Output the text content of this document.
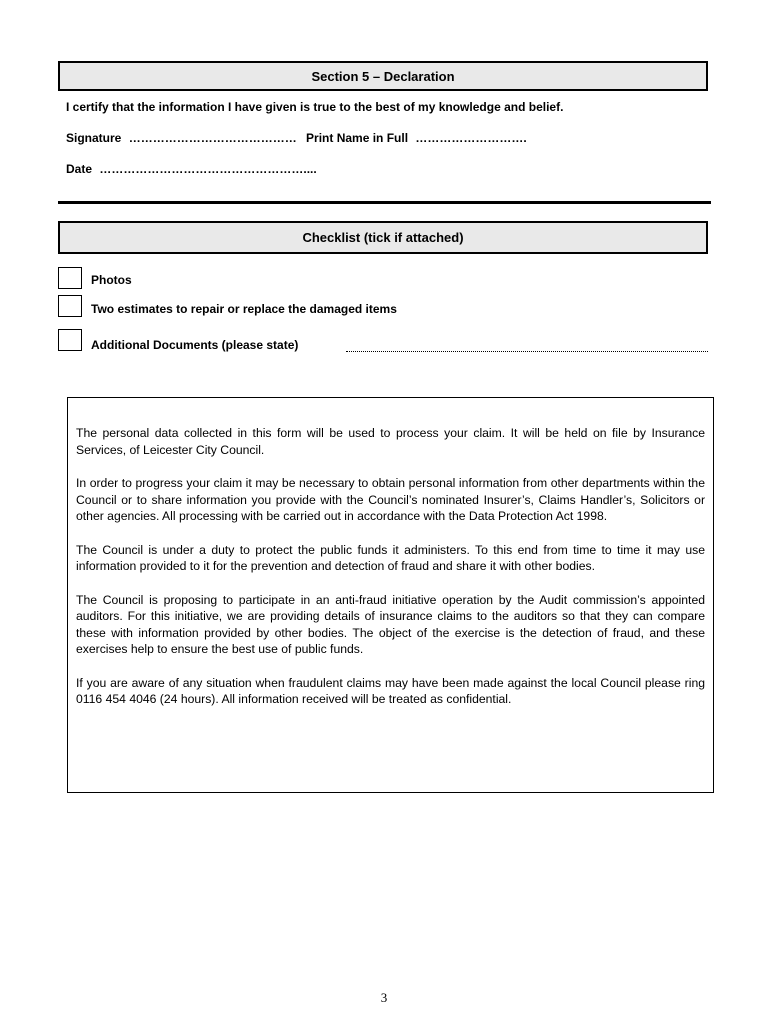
Section 5 – Declaration
I certify that the information I have given is true to the best of my knowledge and belief.
Signature …………………………………… Print Name in Full ……………………….
Date ……………………………………………....
Checklist (tick if attached)
Photos
Two estimates to repair or replace the damaged items
Additional Documents (please state)

The personal data collected in this form will be used to process your claim. It will be held on file by Insurance Services, of Leicester City Council.

In order to progress your claim it may be necessary to obtain personal information from other departments within the Council or to share information you provide with the Council’s nominated Insurer’s, Claims Handler’s, Solicitors or other agencies. All processing with be carried out in accordance with the Data Protection Act 1998.

The Council is under a duty to protect the public funds it administers. To this end from time to time it may use information provided to it for the prevention and detection of fraud and share it with other bodies.

The Council is proposing to participate in an anti-fraud initiative operation by the Audit commission’s appointed auditors. For this initiative, we are providing details of insurance claims to the auditors so that they can compare these with information provided by other bodies. The object of the exercise is the detection of fraud, and these exercises help to ensure the best use of public funds.

If you are aware of any situation when fraudulent claims may have been made against the local Council please ring 0116 454 4046 (24 hours). All information received will be treated as confidential.

3
